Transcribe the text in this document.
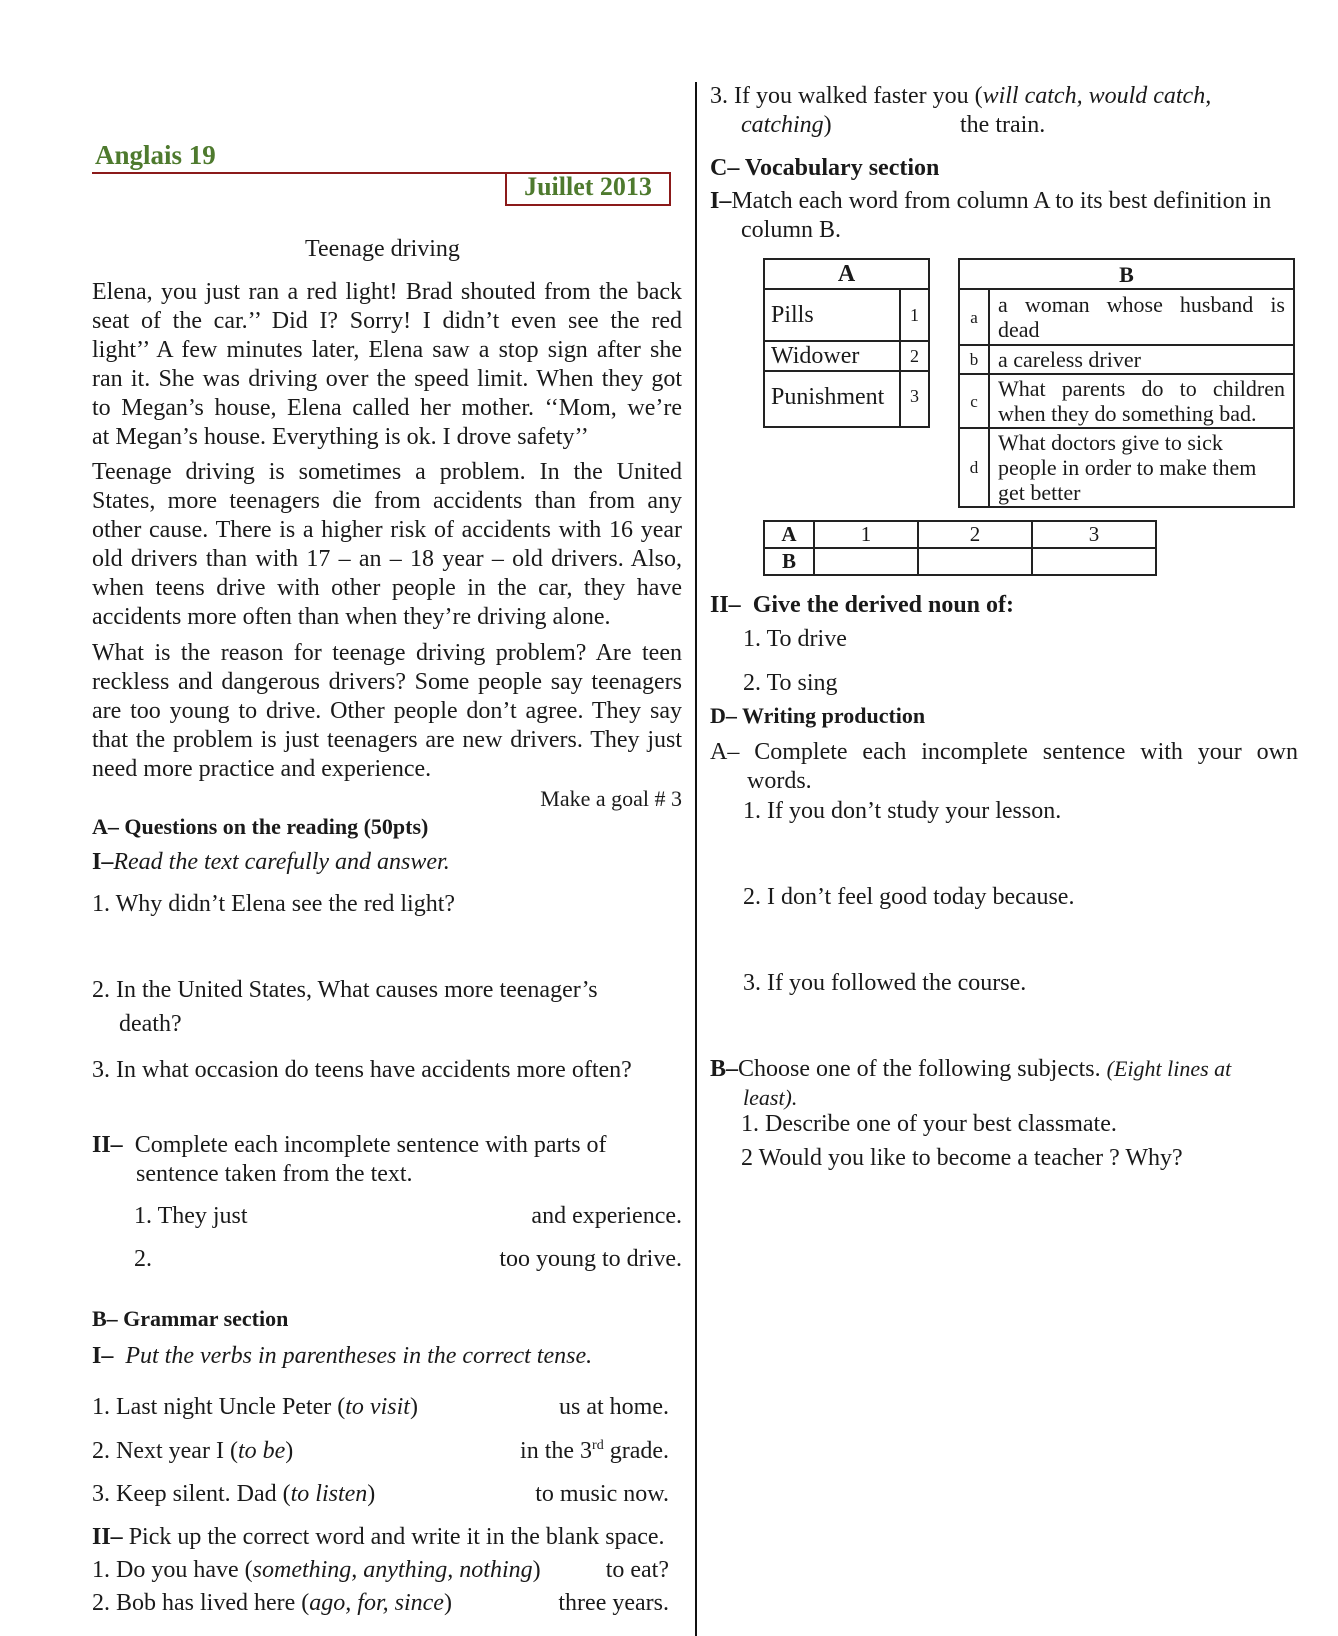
Anglais 19
Juillet 2013
Teenage driving
Elena, you just ran a red light! Brad shouted from the back
seat of the car.’’ Did I? Sorry! I didn’t even see the red
light’’ A few minutes later, Elena saw a stop sign after she
ran it. She was driving over the speed limit. When they got
to Megan’s house, Elena called her mother. ‘‘Mom, we’re
at Megan’s house. Everything is ok. I drove safety’’
Teenage driving is sometimes a problem. In the United
States, more teenagers die from accidents than from any
other cause. There is a higher risk of accidents with 16 year
old drivers than with 17 – an – 18 year – old drivers. Also,
when teens drive with other people in the car, they have
accidents more often than when they’re driving alone.
What is the reason for teenage driving problem? Are teen
reckless and dangerous drivers? Some people say teenagers
are too young to drive. Other people don’t agree. They say
that the problem is just teenagers are new drivers. They just
need more practice and experience.
Make a goal # 3
A– Questions on the reading (50pts)
I–Read the text carefully and answer.
1. Why didn’t Elena see the red light?
2. In the United States, What causes more teenager’s
death?
3. In what occasion do teens have accidents more often?
II– Complete each incomplete sentence with parts of
sentence taken from the text.
1. They just	and experience.
2.	too young to drive.
B– Grammar section
I– Put the verbs in parentheses in the correct tense.
1. Last night Uncle Peter (to visit)	us at home.
2. Next year I (to be)	in the 3rd grade.
3. Keep silent. Dad (to listen)	to music now.
II– Pick up the correct word and write it in the blank space.
1. Do you have (something, anything, nothing)	to eat?
2. Bob has lived here (ago, for, since)	three years.
3. If you walked faster you (will catch, would catch,
catching)	the train.
C– Vocabulary section
I–Match each word from column A to its best definition in
column B.
A	
Pills	1
Widower	2
Punishment	3
B	
a	a woman whose husband is
dead

b	a careless driver

c	What parents do to children
when they do something bad.

d	What doctors give to sick
people in order to make them
get better
A	1	2	3
B			
II– Give the derived noun of:
1. To drive
2. To sing
D– Writing production
A– Complete each incomplete sentence with your own
words.
1. If you don’t study your lesson.
2. I don’t feel good today because.
3. If you followed the course.
B–Choose one of the following subjects. (Eight lines at
least).
1. Describe one of your best classmate.
2 Would you like to become a teacher ? Why?
